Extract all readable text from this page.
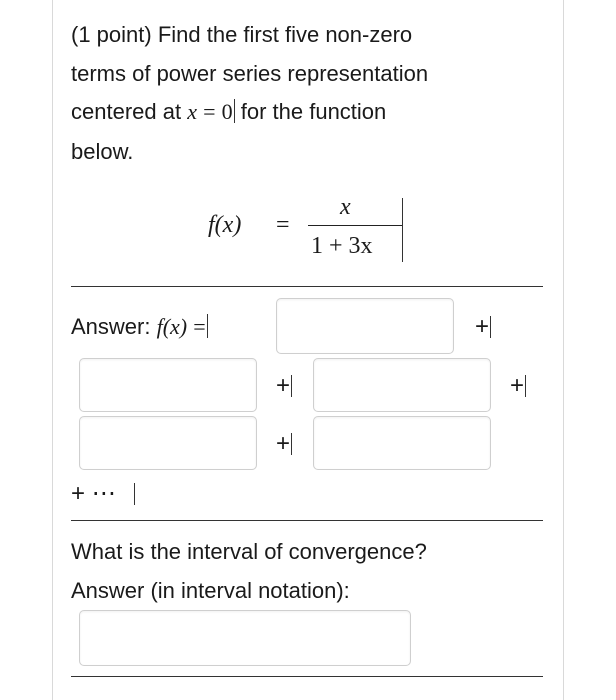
(1 point) Find the first five non-zero
terms of power series representation
centered at x = 0 for the function
below.
f(x) =
x
1 + 3x
Answer: f(x) =	+
+	+
+
+ ⋯
What is the interval of convergence?
Answer (in interval notation):
